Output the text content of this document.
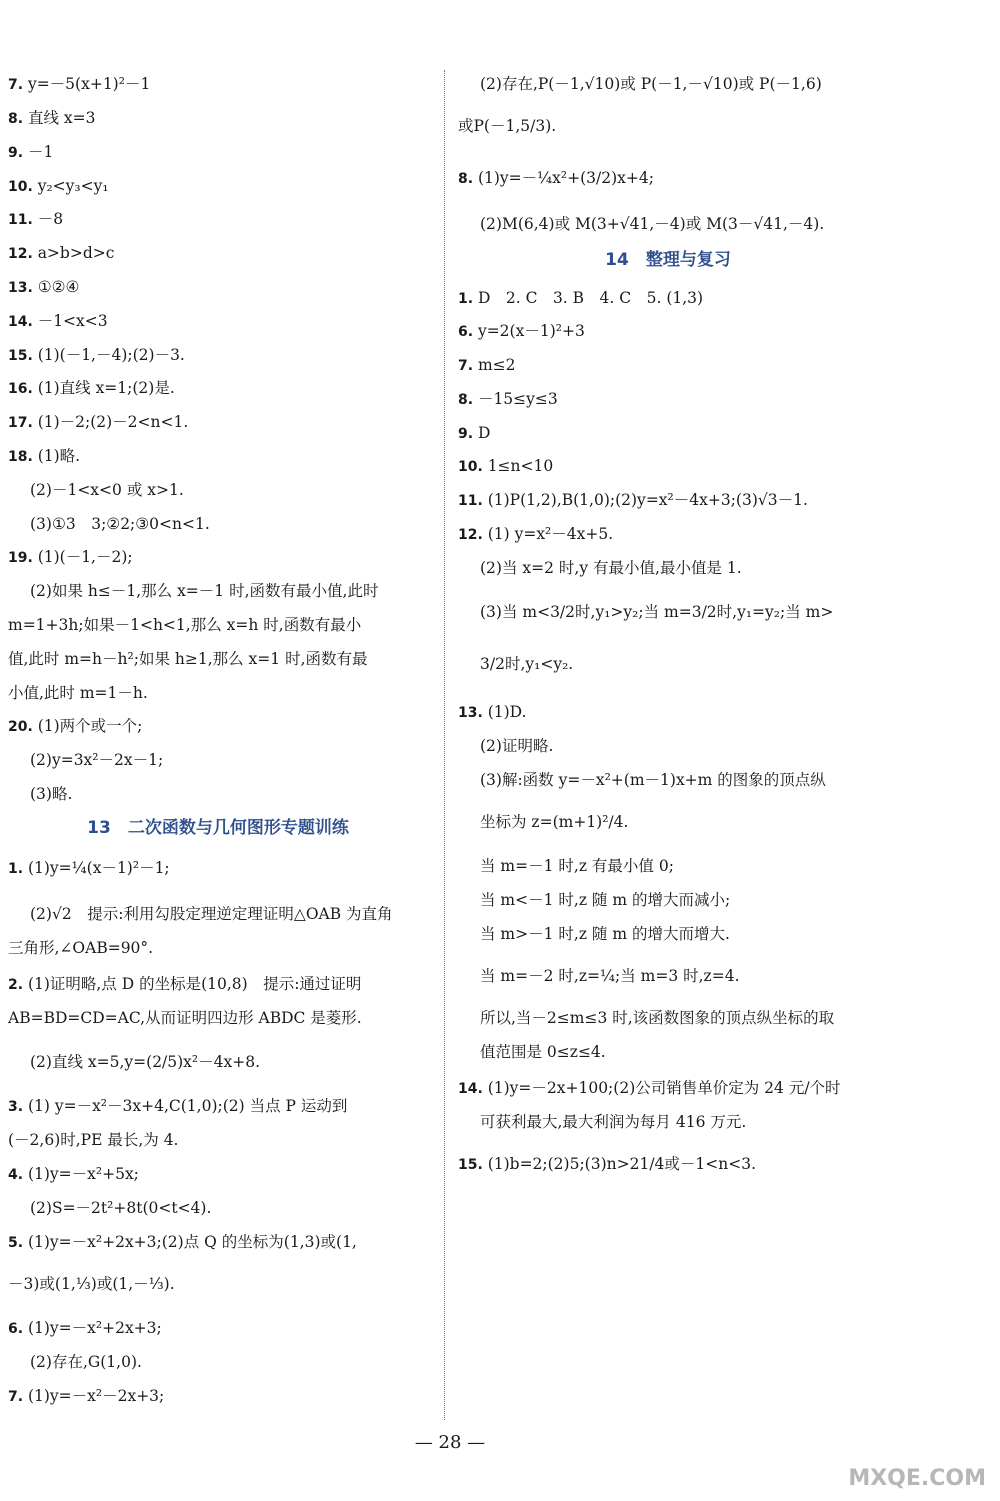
7. y=－5(x+1)²－1
8. 直线 x=3
9. －1
10. y₂<y₃<y₁
11. －8
12. a>b>d>c
13. ①②④
14. －1<x<3
15. (1)(－1,－4);(2)－3.
16. (1)直线 x=1;(2)是.
17. (1)－2;(2)－2<n<1.
18. (1)略.
(2)－1<x<0 或 x>1.
(3)①3　3;②2;③0<n<1.
19. (1)(－1,－2);
(2)如果 h≤－1,那么 x=－1 时,函数有最小值,此时
m=1+3h;如果－1<h<1,那么 x=h 时,函数有最小
值,此时 m=h－h²;如果 h≥1,那么 x=1 时,函数有最
小值,此时 m=1－h.
20. (1)两个或一个;
(2)y=3x²－2x－1;
(3)略.
1. (1)y=¼(x－1)²－1;
(2)√2　提示:利用勾股定理逆定理证明△OAB 为直角
三角形,∠OAB=90°.
2. (1)证明略,点 D 的坐标是(10,8)　提示:通过证明
AB=BD=CD=AC,从而证明四边形 ABDC 是菱形.
(2)直线 x=5,y=(2/5)x²－4x+8.
3. (1) y=－x²－3x+4,C(1,0);(2) 当点 P 运动到
(－2,6)时,PE 最长,为 4.
4. (1)y=－x²+5x;
(2)S=－2t²+8t(0<t<4).
5. (1)y=－x²+2x+3;(2)点 Q 的坐标为(1,3)或(1,
－3)或(1,⅓)或(1,－⅓).
6. (1)y=－x²+2x+3;
(2)存在,G(1,0).
7. (1)y=－x²－2x+3;
13　二次函数与几何图形专题训练
(2)存在,P(－1,√10)或 P(－1,－√10)或 P(－1,6)
或P(－1,5/3).
8. (1)y=－¼x²+(3/2)x+4;
(2)M(6,4)或 M(3+√41,－4)或 M(3－√41,－4).
1. D　2. C　3. B　4. C　5. (1,3)
6. y=2(x－1)²+3
7. m≤2
8. －15≤y≤3
9. D
10. 1≤n<10
11. (1)P(1,2),B(1,0);(2)y=x²－4x+3;(3)√3－1.
12. (1) y=x²－4x+5.
(2)当 x=2 时,y 有最小值,最小值是 1.
(3)当 m<3/2时,y₁>y₂;当 m=3/2时,y₁=y₂;当 m>
3/2时,y₁<y₂.
13. (1)D.
(2)证明略.
(3)解:函数 y=－x²+(m－1)x+m 的图象的顶点纵
坐标为 z=(m+1)²/4.
当 m=－1 时,z 有最小值 0;
当 m<－1 时,z 随 m 的增大而减小;
当 m>－1 时,z 随 m 的增大而增大.
当 m=－2 时,z=¼;当 m=3 时,z=4.
所以,当－2≤m≤3 时,该函数图象的顶点纵坐标的取
值范围是 0≤z≤4.
14. (1)y=－2x+100;(2)公司销售单价定为 24 元/个时
可获利最大,最大利润为每月 416 万元.
15. (1)b=2;(2)5;(3)n>21/4或－1<n<3.
14　整理与复习
— 28 —
MXQE.COM
